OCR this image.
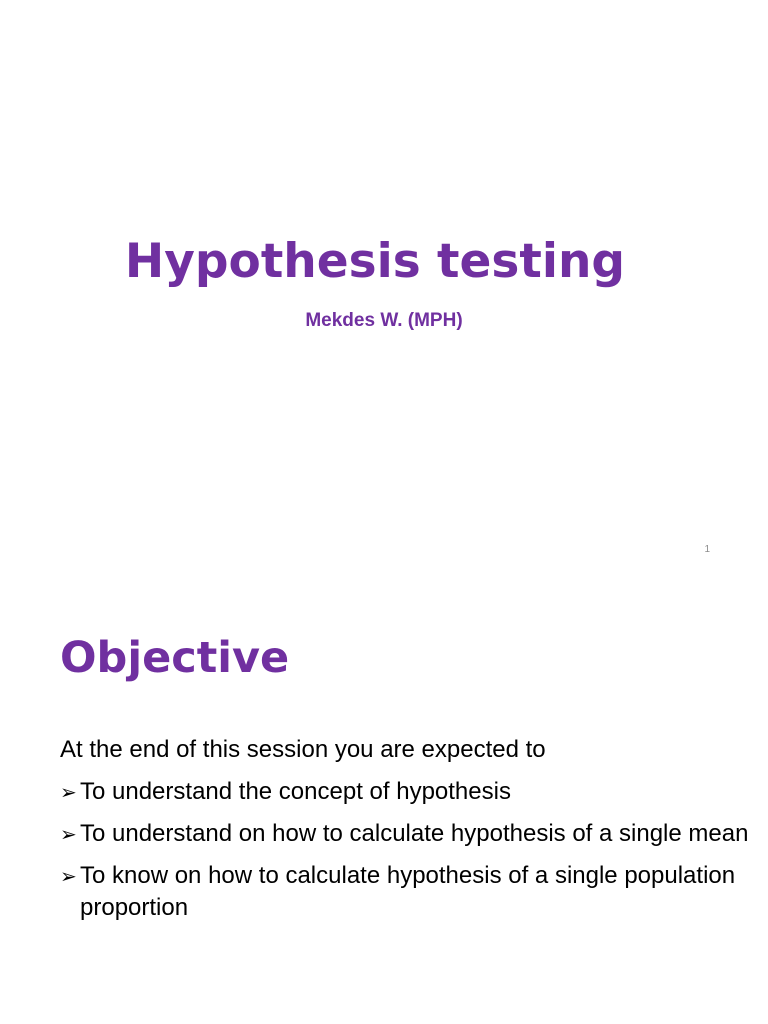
Hypothesis testing
Mekdes W. (MPH)
1
Objective
At the end of this session you are expected to
➢ To understand the concept of hypothesis
➢ To understand on how to calculate hypothesis of a single mean
➢ To know on how to calculate hypothesis of a single population proportion
